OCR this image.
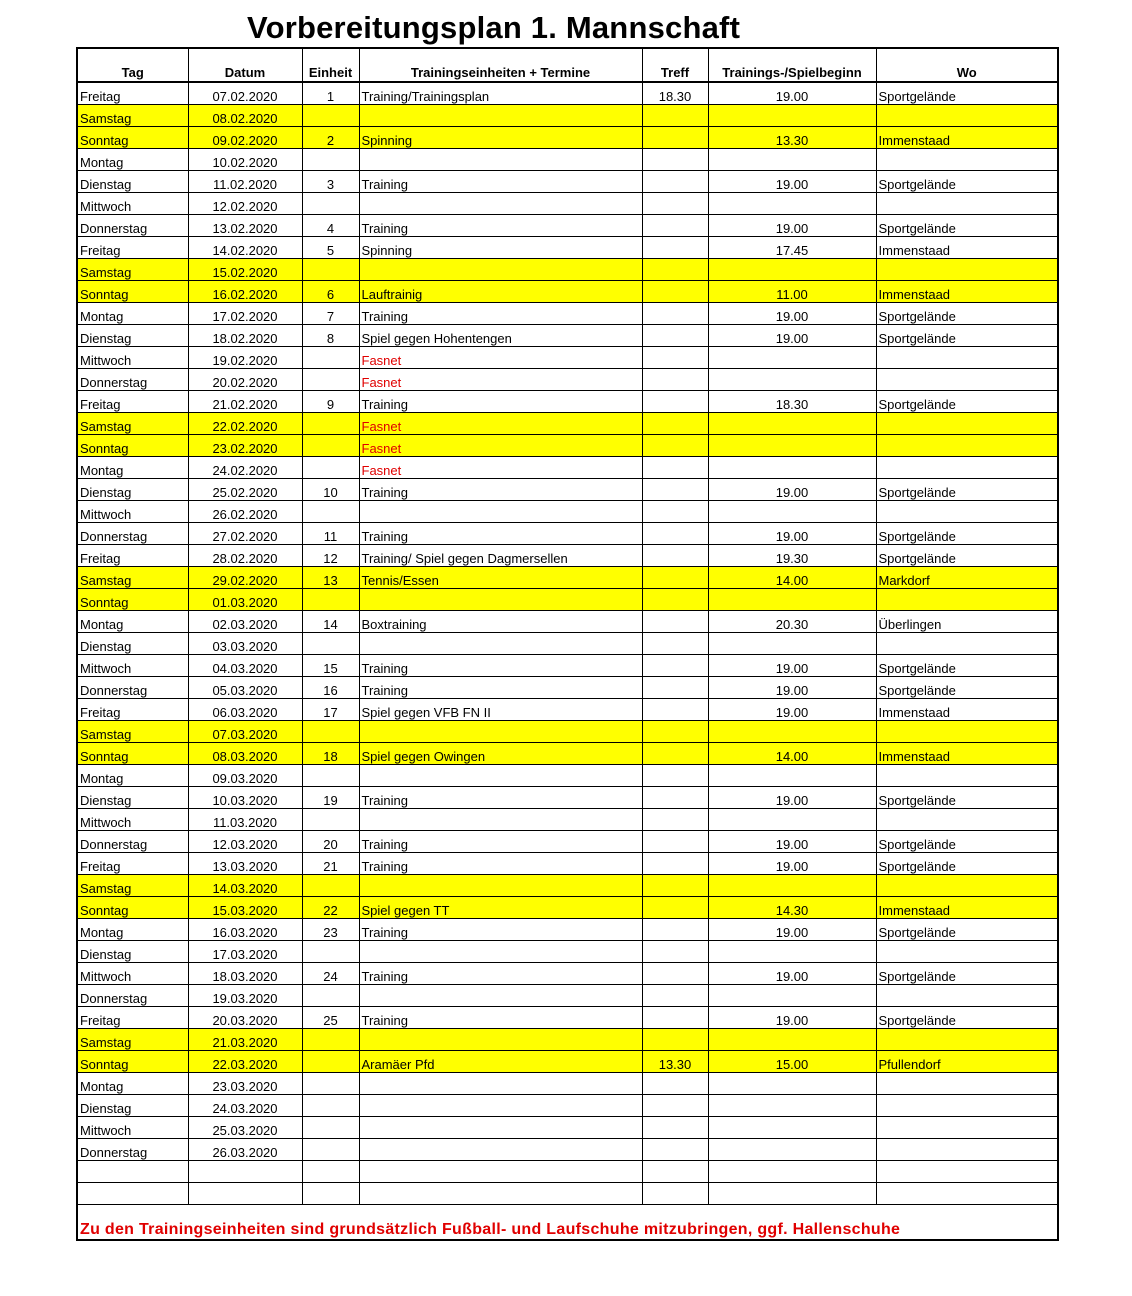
Vorbereitungsplan 1. Mannschaft
Tag	Datum	Einheit	Trainingseinheiten + Termine	Treff	Trainings-/Spielbeginn	Wo
Freitag	07.02.2020	1	Training/Trainingsplan	18.30	19.00	Sportgelände
Samstag	08.02.2020					
Sonntag	09.02.2020	2	Spinning		13.30	Immenstaad
Montag	10.02.2020					
Dienstag	11.02.2020	3	Training		19.00	Sportgelände
Mittwoch	12.02.2020					
Donnerstag	13.02.2020	4	Training		19.00	Sportgelände
Freitag	14.02.2020	5	Spinning		17.45	Immenstaad
Samstag	15.02.2020					
Sonntag	16.02.2020	6	Lauftrainig		11.00	Immenstaad
Montag	17.02.2020	7	Training		19.00	Sportgelände
Dienstag	18.02.2020	8	Spiel gegen Hohentengen		19.00	Sportgelände
Mittwoch	19.02.2020		Fasnet			
Donnerstag	20.02.2020		Fasnet			
Freitag	21.02.2020	9	Training		18.30	Sportgelände
Samstag	22.02.2020		Fasnet			
Sonntag	23.02.2020		Fasnet			
Montag	24.02.2020		Fasnet			
Dienstag	25.02.2020	10	Training		19.00	Sportgelände
Mittwoch	26.02.2020					
Donnerstag	27.02.2020	11	Training		19.00	Sportgelände
Freitag	28.02.2020	12	Training/ Spiel gegen Dagmersellen		19.30	Sportgelände
Samstag	29.02.2020	13	Tennis/Essen		14.00	Markdorf
Sonntag	01.03.2020					
Montag	02.03.2020	14	Boxtraining		20.30	Überlingen
Dienstag	03.03.2020					
Mittwoch	04.03.2020	15	Training		19.00	Sportgelände
Donnerstag	05.03.2020	16	Training		19.00	Sportgelände
Freitag	06.03.2020	17	Spiel gegen VFB FN II		19.00	Immenstaad
Samstag	07.03.2020					
Sonntag	08.03.2020	18	Spiel gegen Owingen		14.00	Immenstaad
Montag	09.03.2020					
Dienstag	10.03.2020	19	Training		19.00	Sportgelände
Mittwoch	11.03.2020					
Donnerstag	12.03.2020	20	Training		19.00	Sportgelände
Freitag	13.03.2020	21	Training		19.00	Sportgelände
Samstag	14.03.2020					
Sonntag	15.03.2020	22	Spiel gegen TT		14.30	Immenstaad
Montag	16.03.2020	23	Training		19.00	Sportgelände
Dienstag	17.03.2020					
Mittwoch	18.03.2020	24	Training		19.00	Sportgelände
Donnerstag	19.03.2020					
Freitag	20.03.2020	25	Training		19.00	Sportgelände
Samstag	21.03.2020					
Sonntag	22.03.2020		Aramäer Pfd	13.30	15.00	Pfullendorf
Montag	23.03.2020					
Dienstag	24.03.2020					
Mittwoch	25.03.2020					
Donnerstag	26.03.2020					

Zu den Trainingseinheiten sind grundsätzlich Fußball- und Laufschuhe mitzubringen, ggf. Hallenschuhe						
